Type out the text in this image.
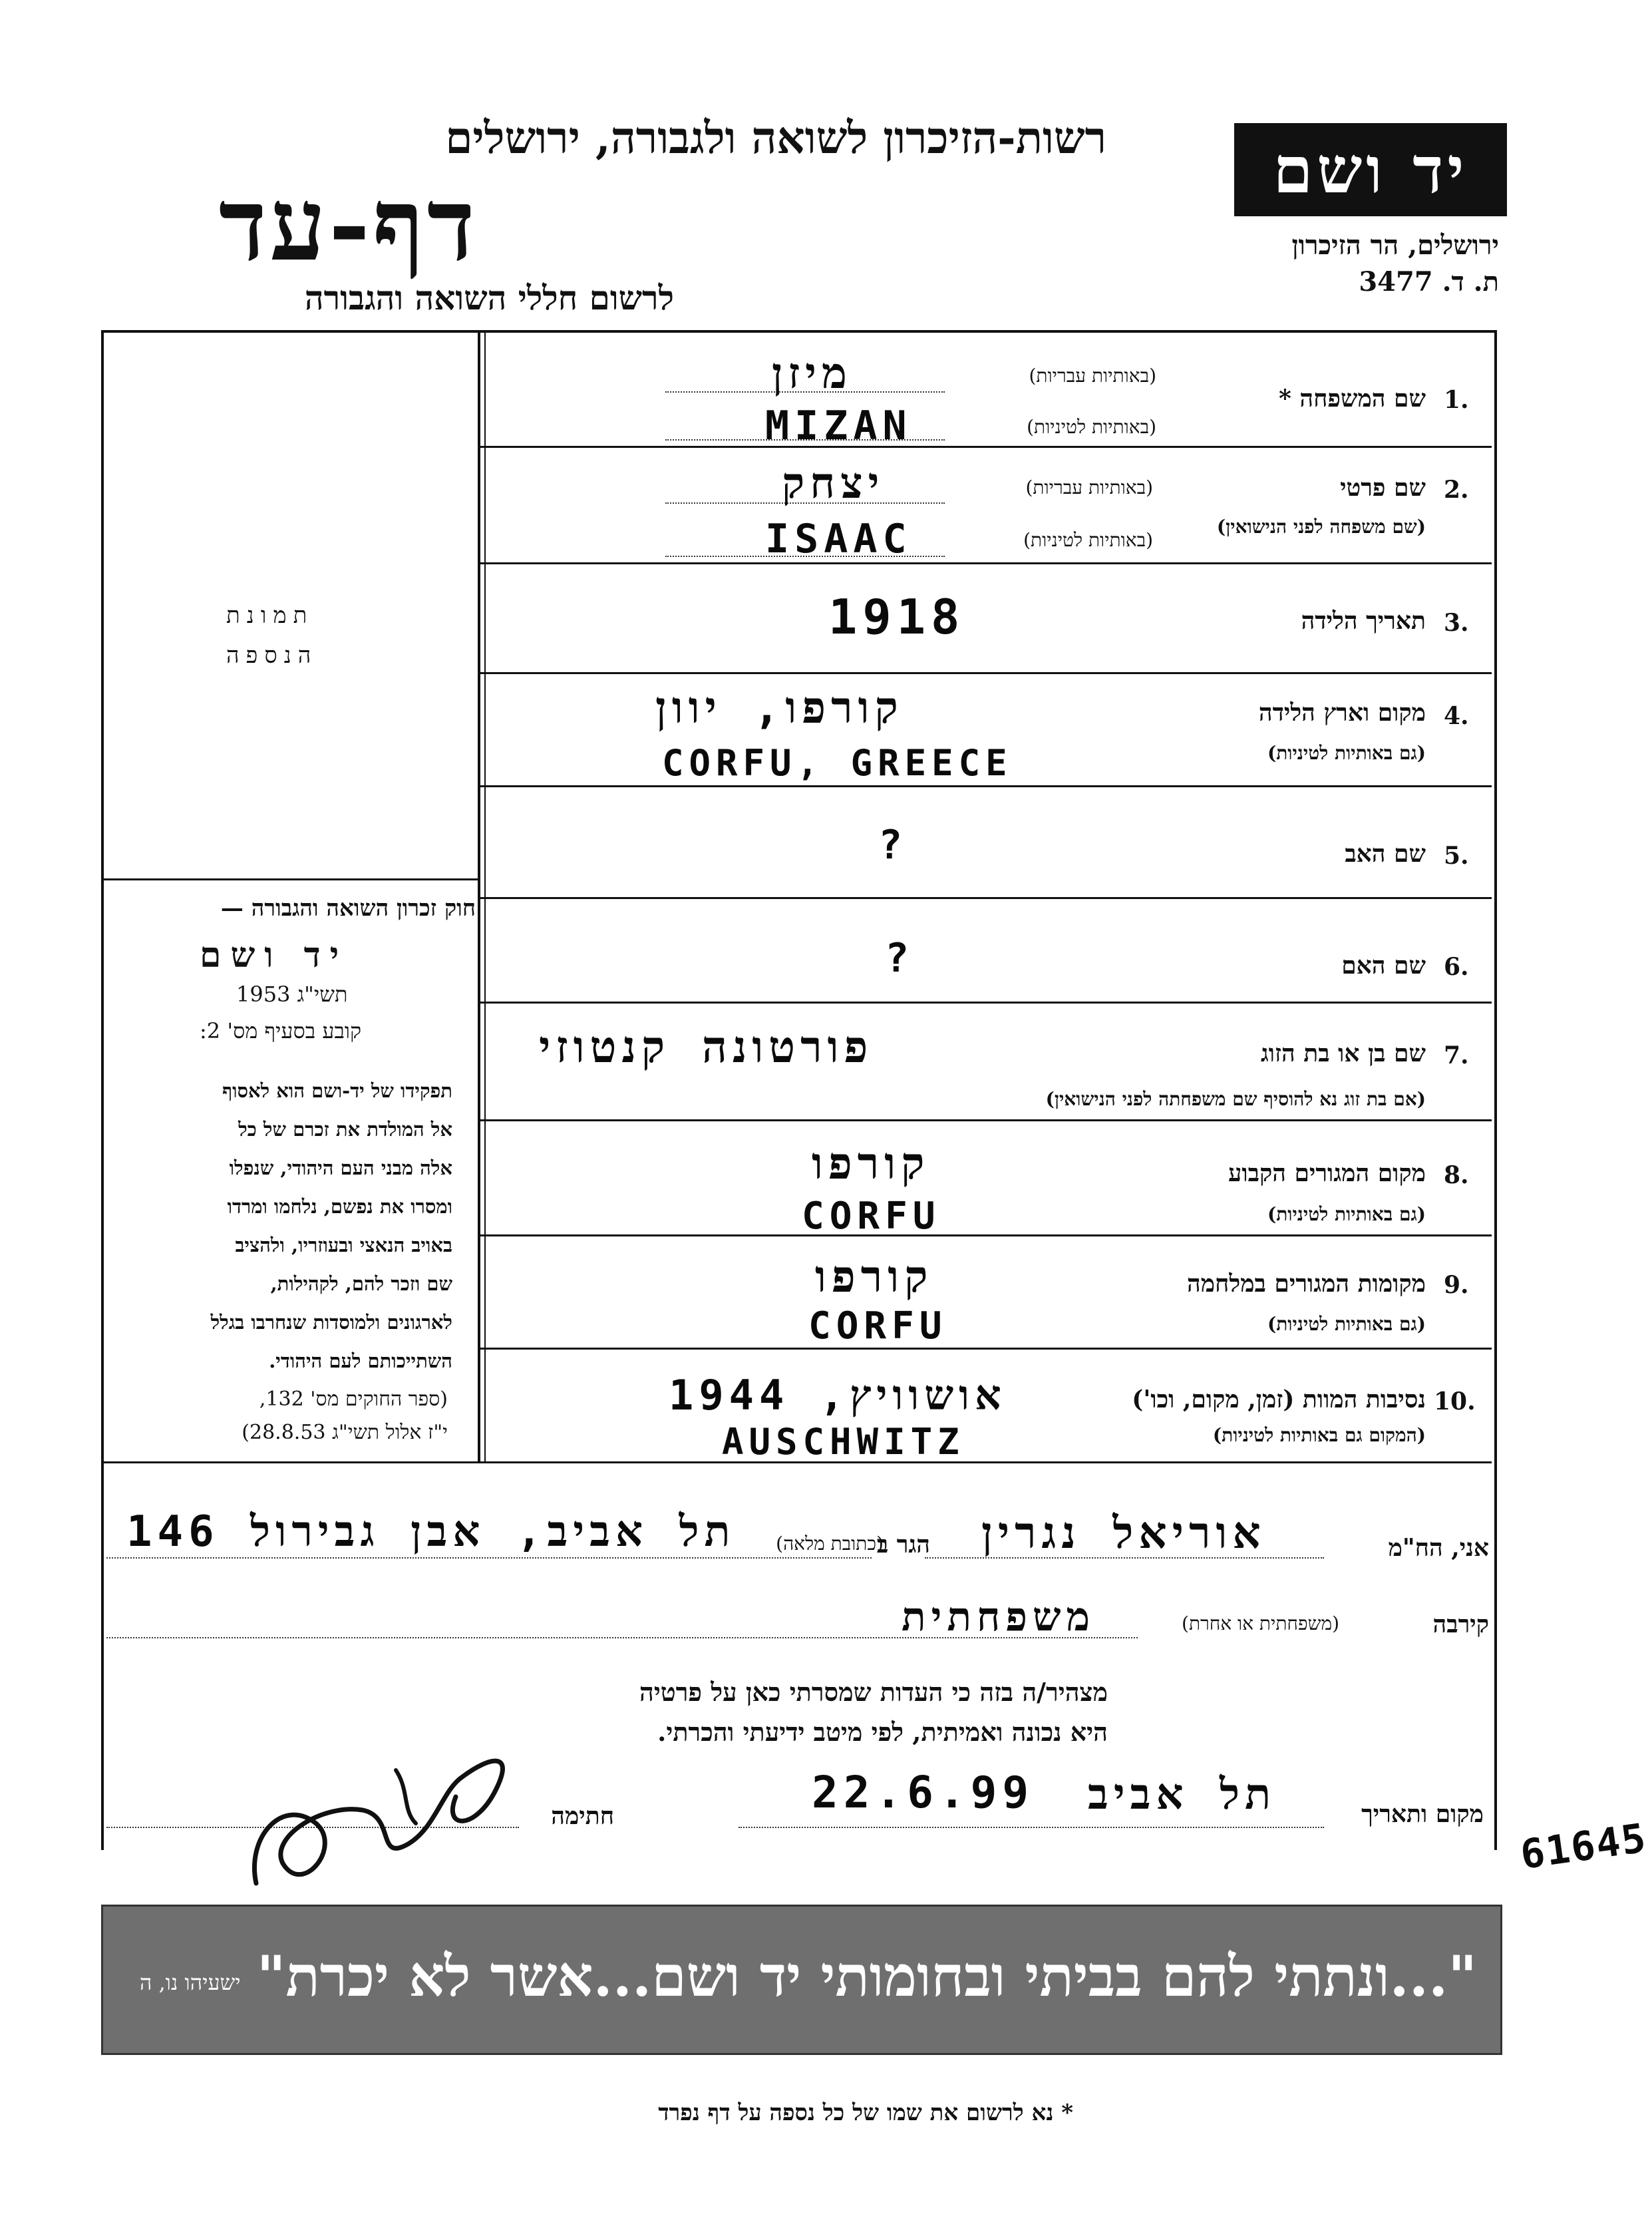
רשות-הזיכרון לשואה ולגבורה, ירושלים
דף-עד
לרשום חללי השואה והגבורה
יד ושם
ירושלים, הר הזיכרון
ת. ד. 3477
תמונת
הנספה
חוק זכרון השואה והגבורה —
יד ושם
תשי"ג 1953
קובע בסעיף מס' 2:
תפקידו של יד-ושם הוא לאסוף
אל המולדת את זכרם של כל
אלה מבני העם היהודי, שנפלו
ומסרו את נפשם, נלחמו ומרדו
באויב הנאצי ובעוזריו, ולהציב
שם וזכר להם, לקהילות,
לארגונים ולמוסדות שנחרבו בגלל
השתייכותם לעם היהודי.
(ספר החוקים מס' 132,
י"ז אלול תשי"ג 28.8.53)
1.
שם המשפחה *
(באותיות עבריות)
(באותיות לטיניות)
מיזן
MIZAN
2.
שם פרטי
(שם משפחה לפני הנישואין)
(באותיות עבריות)
(באותיות לטיניות)
יצחק
ISAAC
3.
תאריך הלידה
1918
4.
מקום וארץ הלידה
(גם באותיות לטיניות)
קורפו, יוון
CORFU, GREECE
5.
שם האב
?
6.
שם האם
?
7.
שם בן או בת הזוג
(אם בת זוג נא להוסיף שם משפחתה לפני הנישואין)
פורטונה קנטוזי
8.
מקום המגורים הקבוע
(גם באותיות לטיניות)
קורפו
CORFU
9.
מקומות המגורים במלחמה
(גם באותיות לטיניות)
קורפו
CORFU
10.
נסיבות המוות (זמן, מקום, וכו')
(המקום גם באותיות לטיניות)
אושוויץ, 1944
AUSCHWITZ
אני, הח"מ
אוריאל נגרין
הגר ב
(כתובת מלאה)
תל אביב, אבן גבירול 146
קירבה
(משפחתית או אחרת)
משפחתית
מצהיר/ה בזה כי העדות שמסרתי כאן על פרטיה
היא נכונה ואמיתית, לפי מיטב ידיעתי והכרתי.
מקום ותאריך
תל אביב
22.6.99
חתימה	61645
"...ונתתי להם בביתי ובחומותי יד ושם...אשר לא יכרת"
ישעיהו נו, ה
* נא לרשום את שמו של כל נספה על דף נפרד
